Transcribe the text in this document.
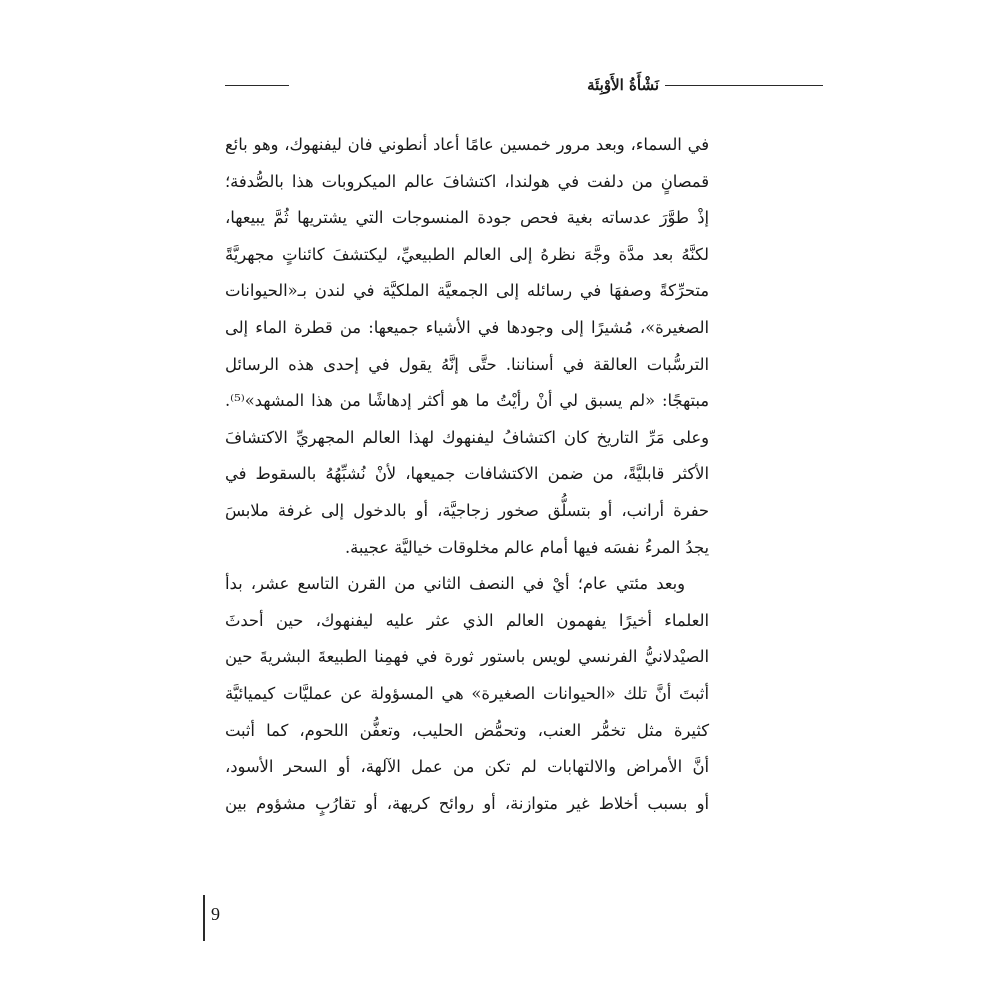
نَشْأَةُ الأَوْبِئَة
في السماء، وبعد مرور خمسين عامًا أعاد أنطوني فان ليفنهوك، وهو بائع
قمصانٍ من دلفت في هولندا، اكتشافَ عالم الميكروبات هذا بالصُّدفة؛
إذْ طوَّرَ عدساته بغية فحص جودة المنسوجات التي يشتريها ثُمَّ يبيعها،
لكنَّهُ بعد مدَّة وجَّهَ نظرهُ إلى العالم الطبيعيِّ، ليكتشفَ كائناتٍ مجهريَّةً
متحرِّكةً وصفهَا في رسائله إلى الجمعيَّة الملكيَّة في لندن بـ«الحيوانات
الصغيرة»، مُشيرًا إلى وجودها في الأشياء جميعها: من قطرة الماء إلى
الترسُّبات العالقة في أسناننا. حتَّى إنَّهُ يقول في إحدى هذه الرسائل
مبتهجًا: «لم يسبق لي أنْ رأيْتُ ما هو أكثر إدهاشًا من هذا المشهد»⁽⁵⁾.
وعلى مَرِّ التاريخ كان اكتشافُ ليفنهوك لهذا العالم المجهريِّ الاكتشافَ
الأكثر قابليَّةً، من ضمن الاكتشافات جميعها، لأنْ نُشبِّهُهُ بالسقوط في
حفرة أرانب، أو بتسلُّق صخور زجاجيَّة، أو بالدخول إلى غرفة ملابسَ
يجدُ المرءُ نفسَه فيها أمام عالم مخلوقات خياليَّة عجيبة.
وبعد مئتي عام؛ أيْ في النصف الثاني من القرن التاسع عشر، بدأ
العلماء أخيرًا يفهمون العالم الذي عثر عليه ليفنهوك، حين أحدثَ
الصيْدلانيُّ الفرنسي لويس باستور ثورة في فهمِنا الطبيعةَ البشريةَ حين
أثبتَ أنَّ تلك «الحيوانات الصغيرة» هي المسؤولة عن عمليَّات كيميائيَّة
كثيرة مثل تخمُّر العنب، وتحمُّض الحليب، وتعفُّن اللحوم، كما أثبت
أنَّ الأمراض والالتهابات لم تكن من عمل الآلهة، أو السحر الأسود،
أو بسبب أخلاط غير متوازنة، أو روائح كريهة، أو تقارُبٍ مشؤوم بين
9
